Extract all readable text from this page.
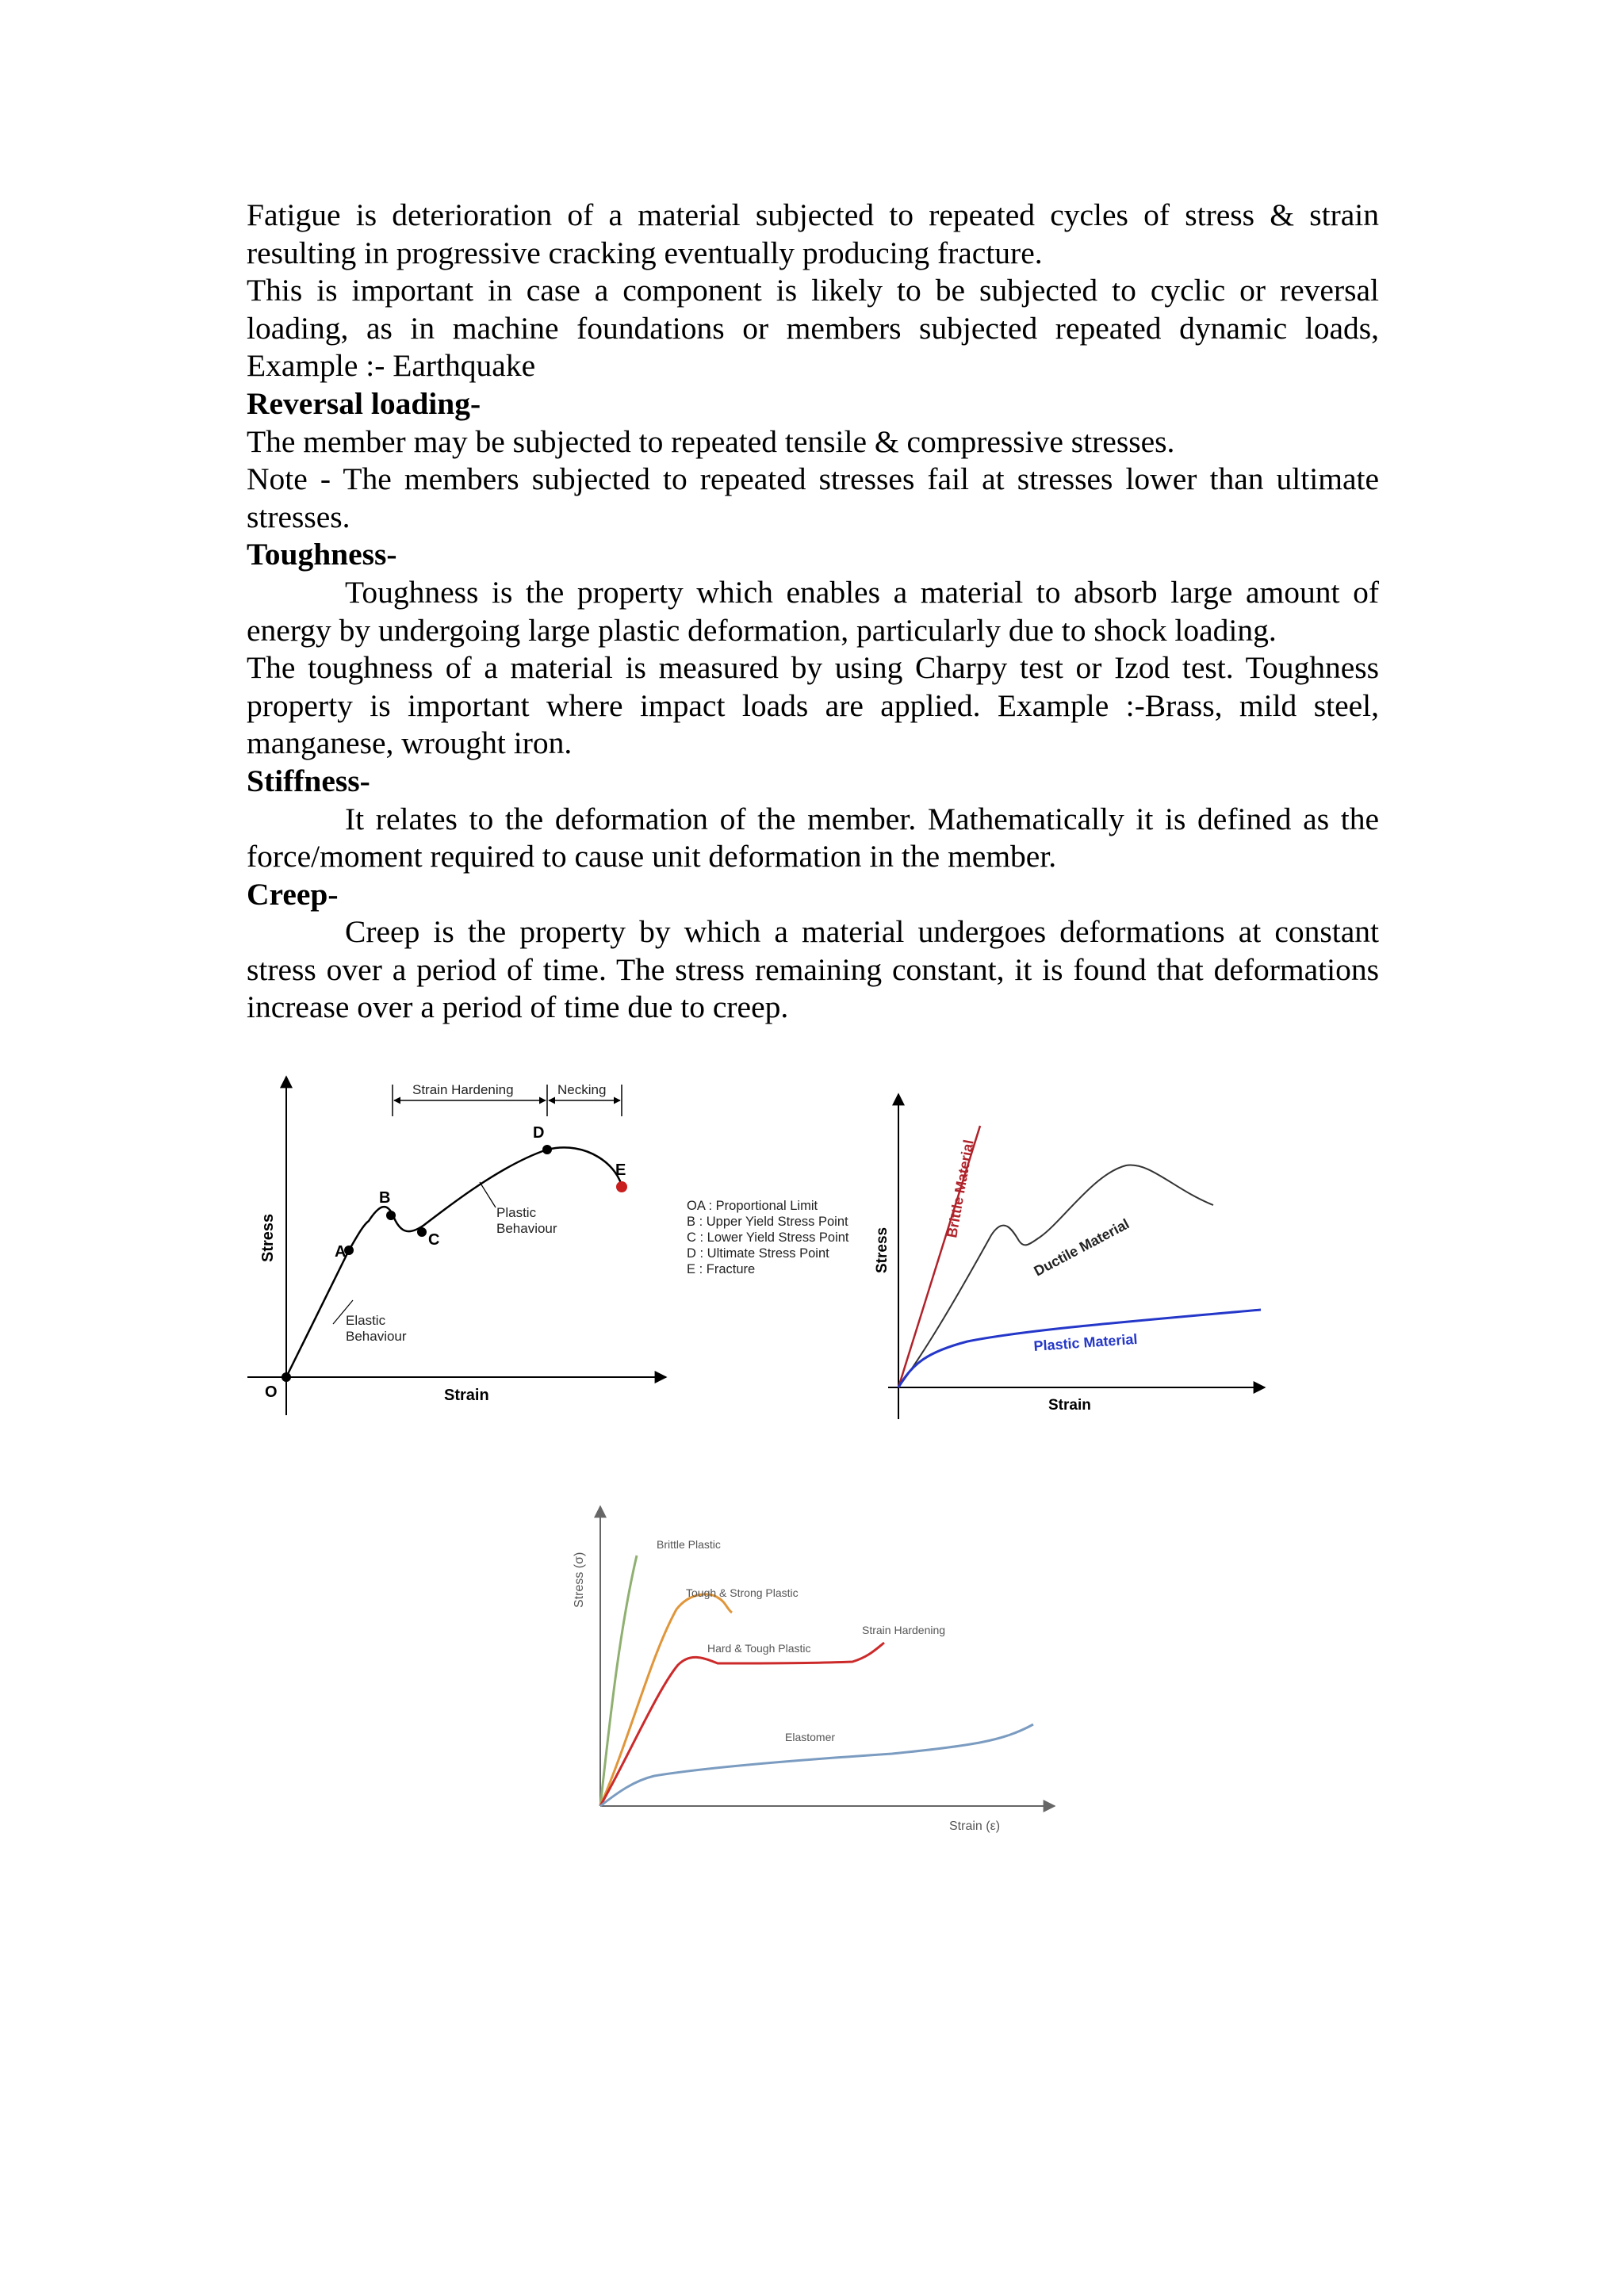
Fatigue is deterioration of a material subjected to repeated cycles of stress & strain resulting in progressive cracking eventually producing fracture.

This is important in case a component is likely to be subjected to cyclic or reversal loading, as in machine foundations or members subjected repeated dynamic loads, Example :- Earthquake

Reversal loading-

The member may be subjected to repeated tensile & compressive stresses.

Note - The members subjected to repeated stresses fail at stresses lower than ultimate stresses.

Toughness-

Toughness is the property which enables a material to absorb large amount of energy by undergoing large plastic deformation, particularly due to shock loading.

The toughness of a material is measured by using Charpy test or Izod test. Toughness property is important where impact loads are applied. Example :-Brass, mild steel, manganese, wrought iron.

Stiffness-

It relates to the deformation of the member. Mathematically it is defined as the force/moment required to cause unit deformation in the member.

Creep-

Creep is the property by which a material undergoes deformations at constant stress over a period of time. The stress remaining constant, it is found that deformations increase over a period of time due to creep.

O	Strain
Stress	A
B
C
D
E
Strain Hardening	Necking
Elastic Behaviour
Plastic Behaviour
OA : Proportional Limit
B : Upper Yield Stress Point
C : Lower Yield Stress Point
D : Ultimate Stress Point
E : Fracture
Strain
Stress
Brittle Material
Ductile Material
Plastic Material
Strain (ε)
Stress (σ)
Brittle Plastic
Tough & Strong Plastic
Hard & Tough Plastic
Strain Hardening
Elastomer
